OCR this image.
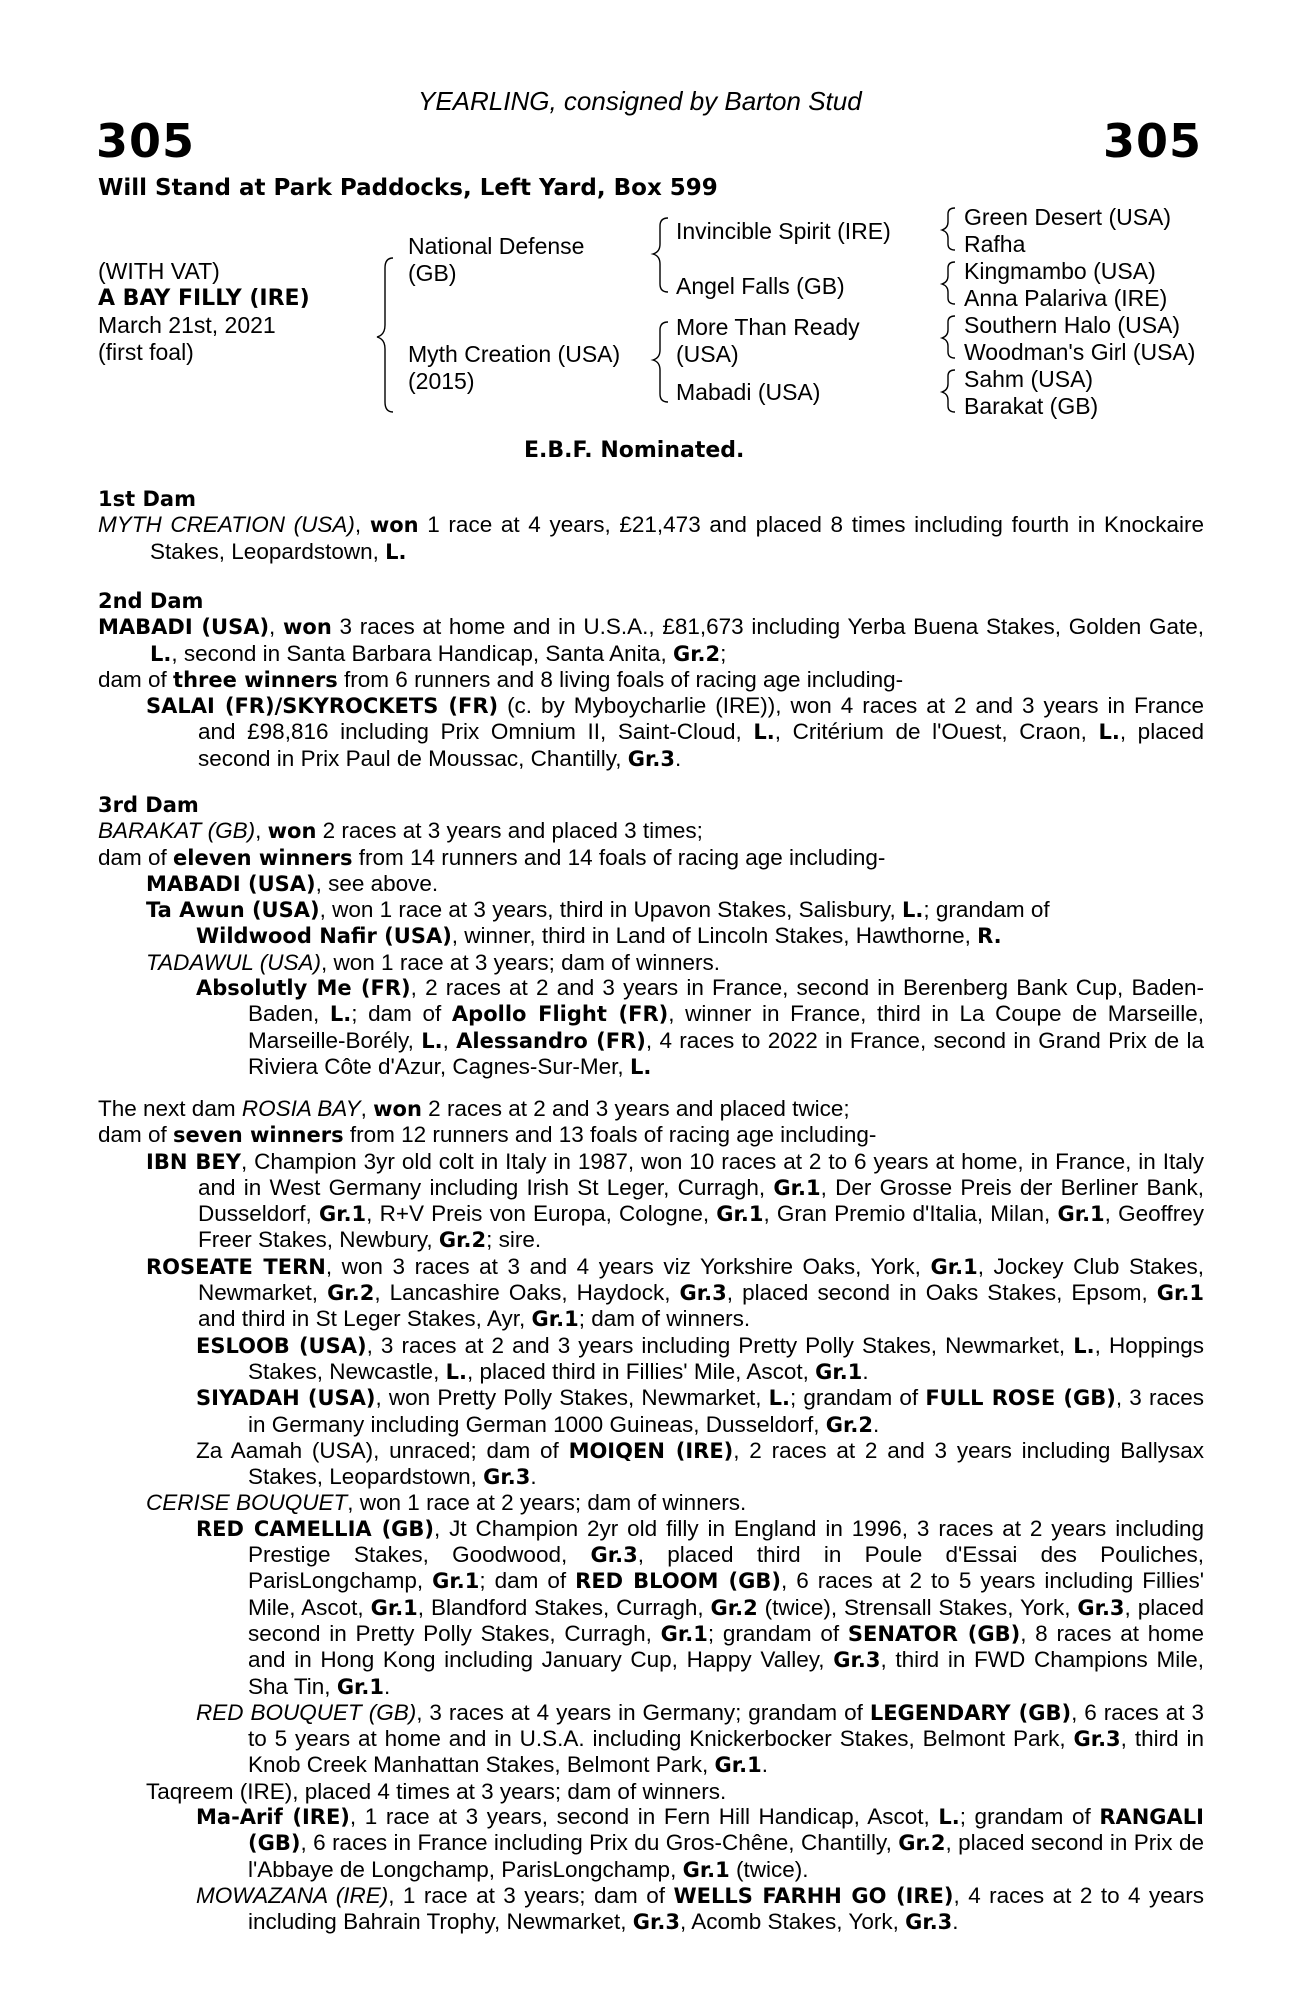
YEARLING, consigned by Barton Stud
305	305
Will Stand at Park Paddocks, Left Yard, Box 599
(WITH VAT)
A BAY FILLY (IRE)
March 21st, 2021
(first foal)
National Defense
(GB)
Myth Creation (USA)
(2015)
Invincible Spirit (IRE)
Angel Falls (GB)
More Than Ready
(USA)
Mabadi (USA)
Green Desert (USA)
Rafha
Kingmambo (USA)
Anna Palariva (IRE)
Southern Halo (USA)
Woodman's Girl (USA)
Sahm (USA)
Barakat (GB)
E.B.F. Nominated.

1st Dam

MYTH CREATION (USA), won 1 race at 4 years, £21,473 and placed 8 times including fourth in Knockaire Stakes, Leopardstown, L.

2nd Dam

MABADI (USA), won 3 races at home and in U.S.A., £81,673 including Yerba Buena Stakes, Golden Gate, L., second in Santa Barbara Handicap, Santa Anita, Gr.2;

dam of three winners from 6 runners and 8 living foals of racing age including-

SALAI (FR)/SKYROCKETS (FR) (c. by Myboycharlie (IRE)), won 4 races at 2 and 3 years in France and £98,816 including Prix Omnium II, Saint-Cloud, L., Critérium de l'Ouest, Craon, L., placed second in Prix Paul de Moussac, Chantilly, Gr.3.

3rd Dam

BARAKAT (GB), won 2 races at 3 years and placed 3 times;

dam of eleven winners from 14 runners and 14 foals of racing age including-

MABADI (USA), see above.

Ta Awun (USA), won 1 race at 3 years, third in Upavon Stakes, Salisbury, L.; grandam of

Wildwood Nafir (USA), winner, third in Land of Lincoln Stakes, Hawthorne, R.

TADAWUL (USA), won 1 race at 3 years; dam of winners.

Absolutly Me (FR), 2 races at 2 and 3 years in France, second in Berenberg Bank Cup, Baden-Baden, L.; dam of Apollo Flight (FR), winner in France, third in La Coupe de Marseille, Marseille-Borély, L., Alessandro (FR), 4 races to 2022 in France, second in Grand Prix de la Riviera Côte d'Azur, Cagnes-Sur-Mer, L.

The next dam ROSIA BAY, won 2 races at 2 and 3 years and placed twice;

dam of seven winners from 12 runners and 13 foals of racing age including-

IBN BEY, Champion 3yr old colt in Italy in 1987, won 10 races at 2 to 6 years at home, in France, in Italy and in West Germany including Irish St Leger, Curragh, Gr.1, Der Grosse Preis der Berliner Bank, Dusseldorf, Gr.1, R+V Preis von Europa, Cologne, Gr.1, Gran Premio d'Italia, Milan, Gr.1, Geoffrey Freer Stakes, Newbury, Gr.2; sire.

ROSEATE TERN, won 3 races at 3 and 4 years viz Yorkshire Oaks, York, Gr.1, Jockey Club Stakes, Newmarket, Gr.2, Lancashire Oaks, Haydock, Gr.3, placed second in Oaks Stakes, Epsom, Gr.1 and third in St Leger Stakes, Ayr, Gr.1; dam of winners.

ESLOOB (USA), 3 races at 2 and 3 years including Pretty Polly Stakes, Newmarket, L., Hoppings Stakes, Newcastle, L., placed third in Fillies' Mile, Ascot, Gr.1.

SIYADAH (USA), won Pretty Polly Stakes, Newmarket, L.; grandam of FULL ROSE (GB), 3 races in Germany including German 1000 Guineas, Dusseldorf, Gr.2.

Za Aamah (USA), unraced; dam of MOIQEN (IRE), 2 races at 2 and 3 years including Ballysax Stakes, Leopardstown, Gr.3.

CERISE BOUQUET, won 1 race at 2 years; dam of winners.

RED CAMELLIA (GB), Jt Champion 2yr old filly in England in 1996, 3 races at 2 years including Prestige Stakes, Goodwood, Gr.3, placed third in Poule d'Essai des Pouliches, ParisLongchamp, Gr.1; dam of RED BLOOM (GB), 6 races at 2 to 5 years including Fillies' Mile, Ascot, Gr.1, Blandford Stakes, Curragh, Gr.2 (twice), Strensall Stakes, York, Gr.3, placed second in Pretty Polly Stakes, Curragh, Gr.1; grandam of SENATOR (GB), 8 races at home and in Hong Kong including January Cup, Happy Valley, Gr.3, third in FWD Champions Mile, Sha Tin, Gr.1.

RED BOUQUET (GB), 3 races at 4 years in Germany; grandam of LEGENDARY (GB), 6 races at 3 to 5 years at home and in U.S.A. including Knickerbocker Stakes, Belmont Park, Gr.3, third in Knob Creek Manhattan Stakes, Belmont Park, Gr.1.

Taqreem (IRE), placed 4 times at 3 years; dam of winners.

Ma-Arif (IRE), 1 race at 3 years, second in Fern Hill Handicap, Ascot, L.; grandam of RANGALI (GB), 6 races in France including Prix du Gros-Chêne, Chantilly, Gr.2, placed second in Prix de l'Abbaye de Longchamp, ParisLongchamp, Gr.1 (twice).

MOWAZANA (IRE), 1 race at 3 years; dam of WELLS FARHH GO (IRE), 4 races at 2 to 4 years including Bahrain Trophy, Newmarket, Gr.3, Acomb Stakes, York, Gr.3.
